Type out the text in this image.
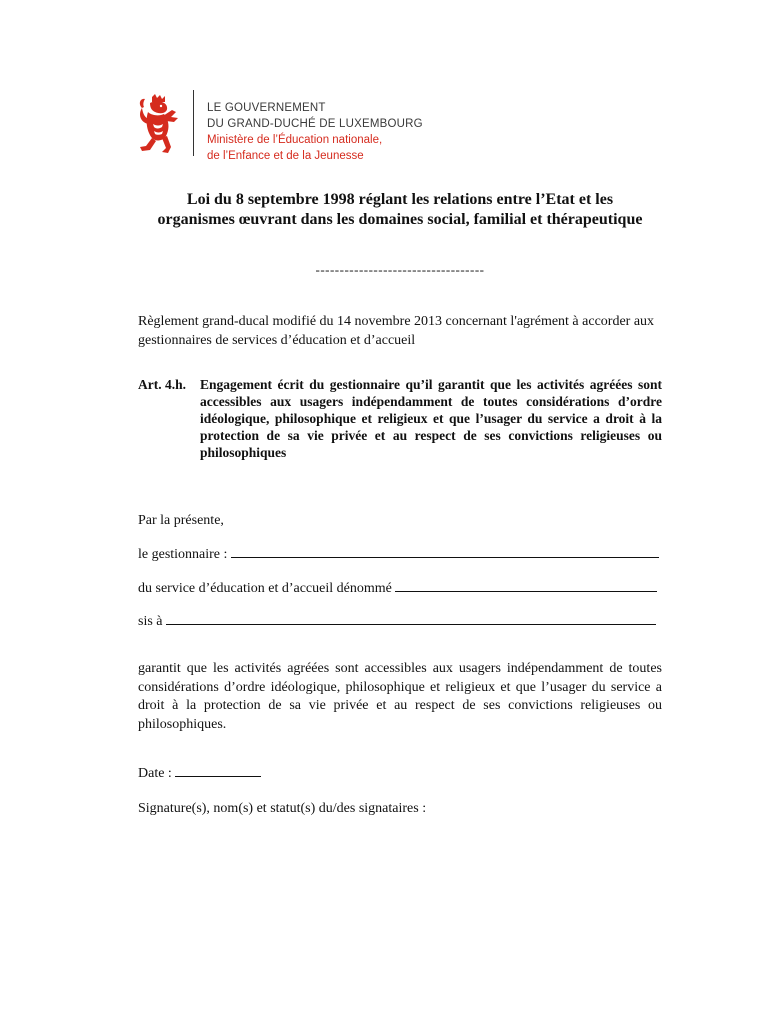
LE GOUVERNEMENT
DU GRAND-DUCHÉ DE LUXEMBOURG
Ministère de l’Éducation nationale,
de l’Enfance et de la Jeunesse
Loi du 8 septembre 1998 réglant les relations entre l’Etat et les
organismes œuvrant dans les domaines social, familial et thérapeutique
-----------------------------------
Règlement grand-ducal modifié du 14 novembre 2013 concernant l'agrément à accorder aux gestionnaires de services d’éducation et d’accueil
Art. 4.h.	Engagement écrit du gestionnaire qu’il garantit que les activités agréées sont accessibles aux usagers indépendamment de toutes considérations d’ordre idéologique, philosophique et religieux et que l’usager du service a droit à la protection de sa vie privée et au respect de ses convictions religieuses ou philosophiques
Par la présente,
le gestionnaire :
du service d’éducation et d’accueil dénommé
sis à
garantit que les activités agréées sont accessibles aux usagers indépendamment de toutes considérations d’ordre idéologique, philosophique et religieux et que l’usager du service a droit à la protection de sa vie privée et au respect de ses convictions religieuses ou philosophiques.
Date :
Signature(s), nom(s) et statut(s) du/des signataires :
